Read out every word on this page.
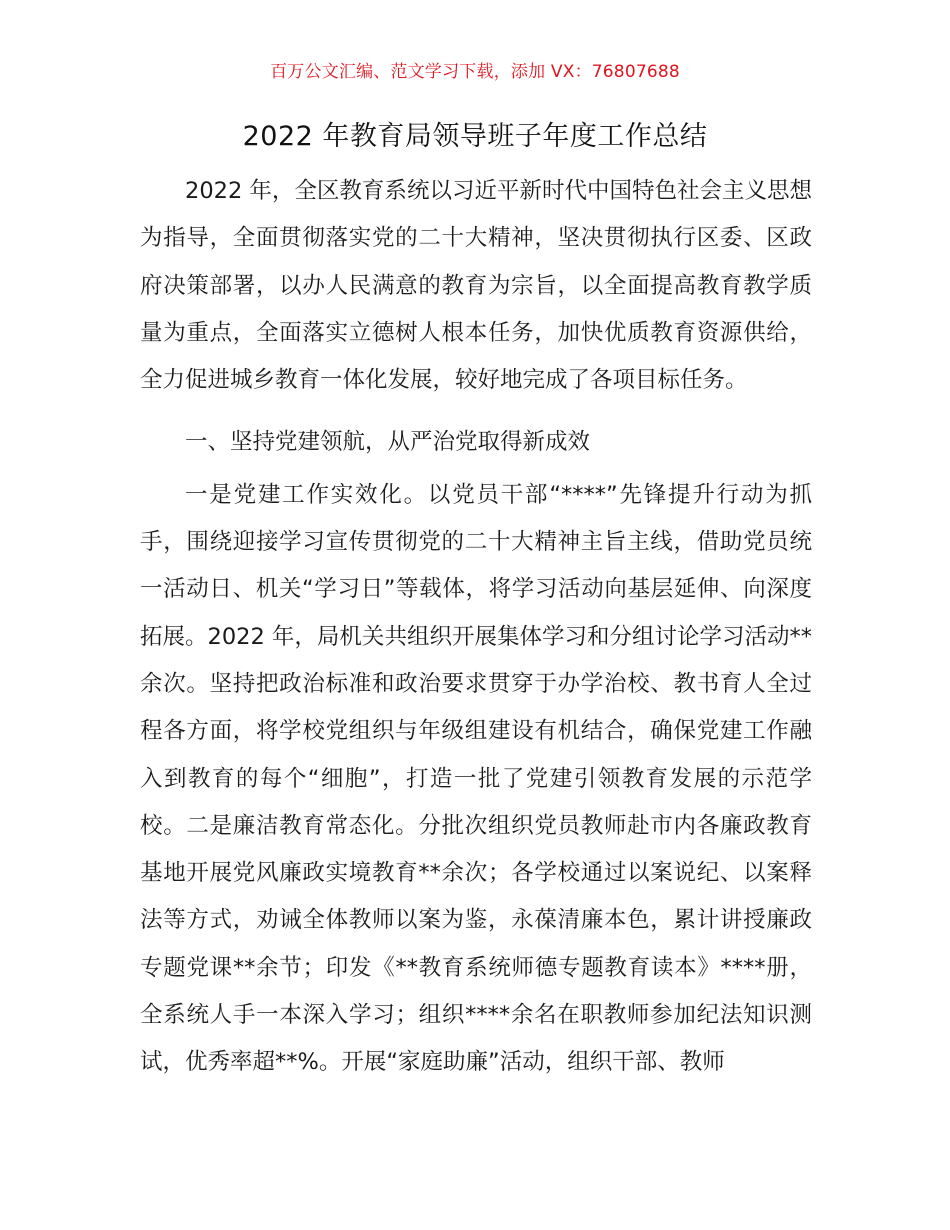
百万公文汇编、范文学习下载，添加 VX：76807688
2022 年教育局领导班子年度工作总结

2022 年，全区教育系统以习近平新时代中国特色社会主义思想为指导，全面贯彻落实党的二十大精神，坚决贯彻执行区委、区政府决策部署，以办人民满意的教育为宗旨，以全面提高教育教学质量为重点，全面落实立德树人根本任务，加快优质教育资源供给，全力促进城乡教育一体化发展，较好地完成了各项目标任务。

一、坚持党建领航，从严治党取得新成效

一是党建工作实效化。以党员干部“****”先锋提升行动为抓手，围绕迎接学习宣传贯彻党的二十大精神主旨主线，借助党员统一活动日、机关“学习日”等载体，将学习活动向基层延伸、向深度拓展。2022 年，局机关共组织开展集体学习和分组讨论学习活动**余次。坚持把政治标准和政治要求贯穿于办学治校、教书育人全过程各方面，将学校党组织与年级组建设有机结合，确保党建工作融入到教育的每个“细胞”，打造一批了党建引领教育发展的示范学校。二是廉洁教育常态化。分批次组织党员教师赴市内各廉政教育基地开展党风廉政实境教育**余次；各学校通过以案说纪、以案释法等方式，劝诫全体教师以案为鉴，永葆清廉本色，累计讲授廉政专题党课**余节；印发《**教育系统师德专题教育读本》****册，全系统人手一本深入学习；组织****余名在职教师参加纪法知识测试，优秀率超**%。开展“家庭助廉”活动，组织干部、教师
